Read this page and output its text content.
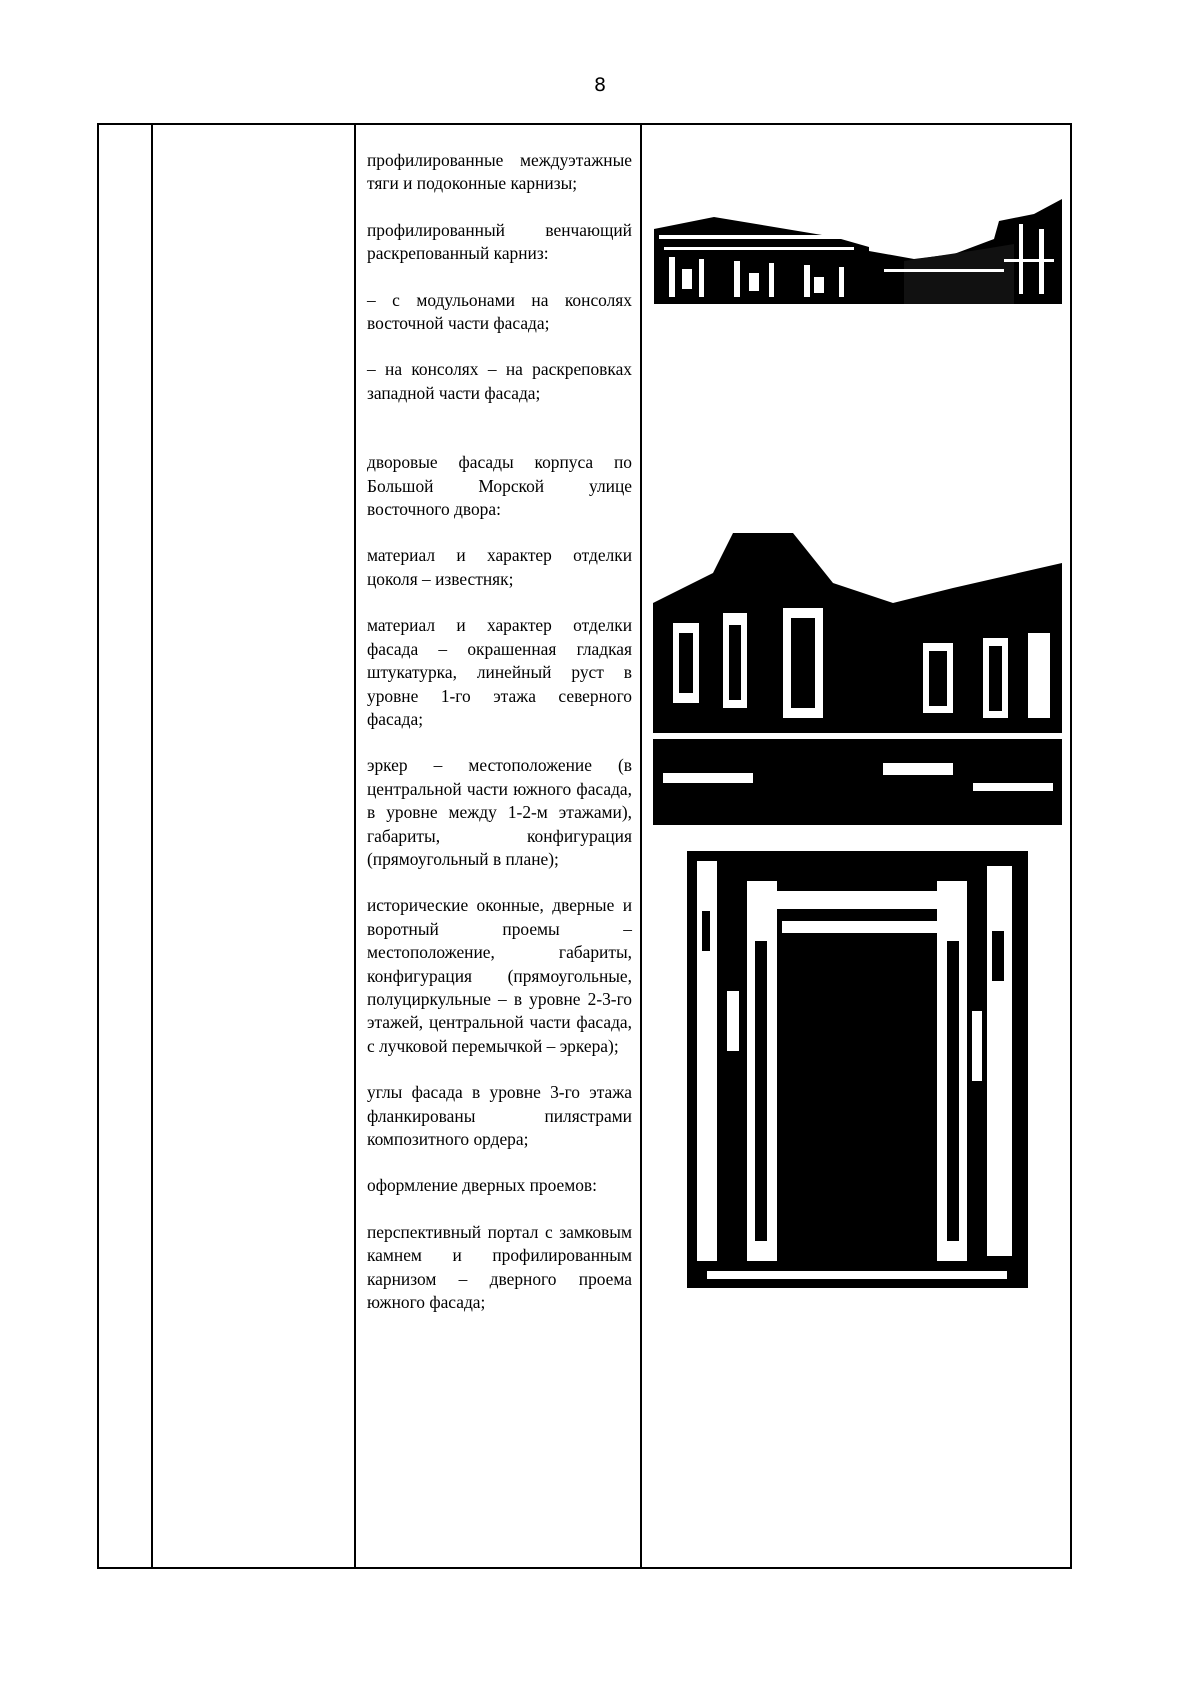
8

профилированные междуэтажные тяги и подоконные карнизы;

профилированный венчающий раскрепованный карниз:

– с модульонами на консолях восточной части фасада;

– на консолях – на раскреповках западной части фасада;

дворовые фасады корпуса по Большой Морской улице восточного двора:

материал и характер отделки цоколя – известняк;

материал и характер отделки фасада – окрашенная гладкая штукатурка, линейный руст в уровне 1-го этажа северного фасада;

эркер – местоположение (в центральной части южного фасада, в уровне между 1-2-м этажами), габариты, конфигурация (прямоугольный в плане);

исторические оконные, дверные и воротный проемы – местоположение, габариты, конфигурация (прямоугольные, полуциркульные – в уровне 2-3-го этажей, центральной части фасада, с лучковой перемычкой – эркера);

углы фасада в уровне 3-го этажа фланкированы пилястрами композитного ордера;

оформление дверных проемов:

перспективный портал с замковым камнем и профилированным карнизом – дверного проема южного фасада;
